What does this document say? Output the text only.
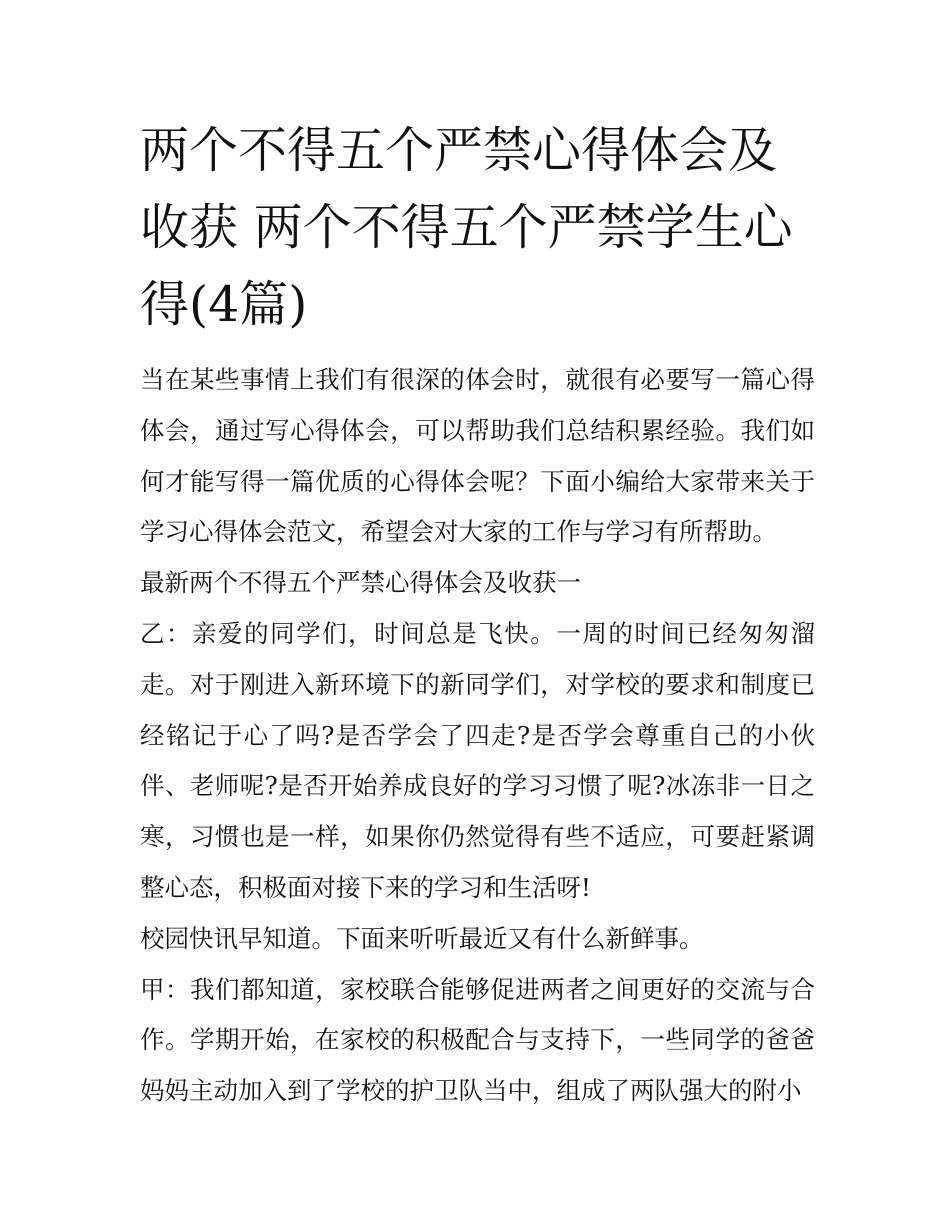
两个不得五个严禁心得体会及收获 两个不得五个严禁学生心得(4篇)

当在某些事情上我们有很深的体会时，就很有必要写一篇心得体会，通过写心得体会，可以帮助我们总结积累经验。我们如何才能写得一篇优质的心得体会呢？下面小编给大家带来关于学习心得体会范文，希望会对大家的工作与学习有所帮助。

最新两个不得五个严禁心得体会及收获一

乙：亲爱的同学们，时间总是飞快。一周的时间已经匆匆溜走。对于刚进入新环境下的新同学们，对学校的要求和制度已经铭记于心了吗?是否学会了四走?是否学会尊重自己的小伙伴、老师呢?是否开始养成良好的学习习惯了呢?冰冻非一日之寒，习惯也是一样，如果你仍然觉得有些不适应，可要赶紧调整心态，积极面对接下来的学习和生活呀!

校园快讯早知道。下面来听听最近又有什么新鲜事。

甲：我们都知道，家校联合能够促进两者之间更好的交流与合作。学期开始，在家校的积极配合与支持下，一些同学的爸爸妈妈主动加入到了学校的护卫队当中，组成了两队强大的附小
